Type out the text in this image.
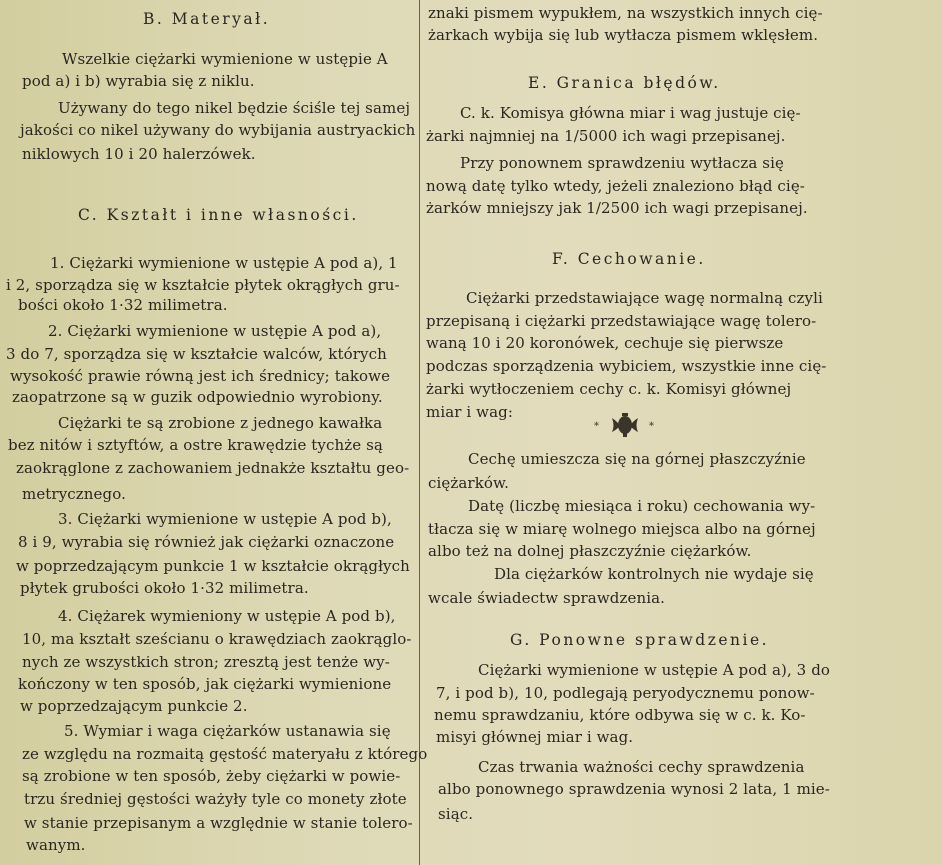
B. Materyał.
Wszelkie ciężarki wymienione w ustępie A
pod a) i b) wyrabia się z niklu.
Używany do tego nikel będzie ściśle tej samej
jakości co nikel używany do wybijania austryackich
niklowych 10 i 20 halerzówek.
C. Kształt i inne własności.
1. Ciężarki wymienione w ustępie A pod a), 1
i 2, sporządza się w kształcie płytek okrągłych gru-
bości około 1·32 milimetra.
2. Ciężarki wymienione w ustępie A pod a),
3 do 7, sporządza się w kształcie walców, których
wysokość prawie równą jest ich średnicy; takowe
zaopatrzone są w guzik odpowiednio wyrobiony.
Ciężarki te są zrobione z jednego kawałka
bez nitów i sztyftów, a ostre krawędzie tychże są
zaokrąglone z zachowaniem jednakże kształtu geo-
metrycznego.
3. Ciężarki wymienione w ustępie A pod b),
8 i 9, wyrabia się również jak ciężarki oznaczone
w poprzedzającym punkcie 1 w kształcie okrągłych
płytek grubości około 1·32 milimetra.
4. Ciężarek wymieniony w ustępie A pod b),
10, ma kształt sześcianu o krawędziach zaokrąglo-
nych ze wszystkich stron; zresztą jest tenże wy-
kończony w ten sposób, jak ciężarki wymienione
w poprzedzającym punkcie 2.
5. Wymiar i waga ciężarków ustanawia się
ze względu na rozmaitą gęstość materyału z którego
są zrobione w ten sposób, żeby ciężarki w powie-
trzu średniej gęstości ważyły tyle co monety złote
w stanie przepisanym a względnie w stanie tolero-
wanym.
znaki pismem wypukłem, na wszystkich innych cię-
żarkach wybija się lub wytłacza pismem wklęsłem.
E. Granica błędów.
C. k. Komisya główna miar i wag justuje cię-
żarki najmniej na 1/5000 ich wagi przepisanej.
Przy ponownem sprawdzeniu wytłacza się
nową datę tylko wtedy, jeżeli znaleziono błąd cię-
żarków mniejszy jak 1/2500 ich wagi przepisanej.
F. Cechowanie.
Ciężarki przedstawiające wagę normalną czyli
przepisaną i ciężarki przedstawiające wagę tolero-
waną 10 i 20 koronówek, cechuje się pierwsze
podczas sporządzenia wybiciem, wszystkie inne cię-
żarki wytłoczeniem cechy c. k. Komisyi głównej
miar i wag:
Cechę umieszcza się na górnej płaszczyźnie
ciężarków.
Datę (liczbę miesiąca i roku) cechowania wy-
tłacza się w miarę wolnego miejsca albo na górnej
albo też na dolnej płaszczyźnie ciężarków.
Dla ciężarków kontrolnych nie wydaje się
wcale świadectw sprawdzenia.
G. Ponowne sprawdzenie.
Ciężarki wymienione w ustępie A pod a), 3 do
7, i pod b), 10, podlegają peryodycznemu ponow-
nemu sprawdzaniu, które odbywa się w c. k. Ko-
misyi głównej miar i wag.
Czas trwania ważności cechy sprawdzenia
albo ponownego sprawdzenia wynosi 2 lata, 1 mie-
siąc.
*	*
